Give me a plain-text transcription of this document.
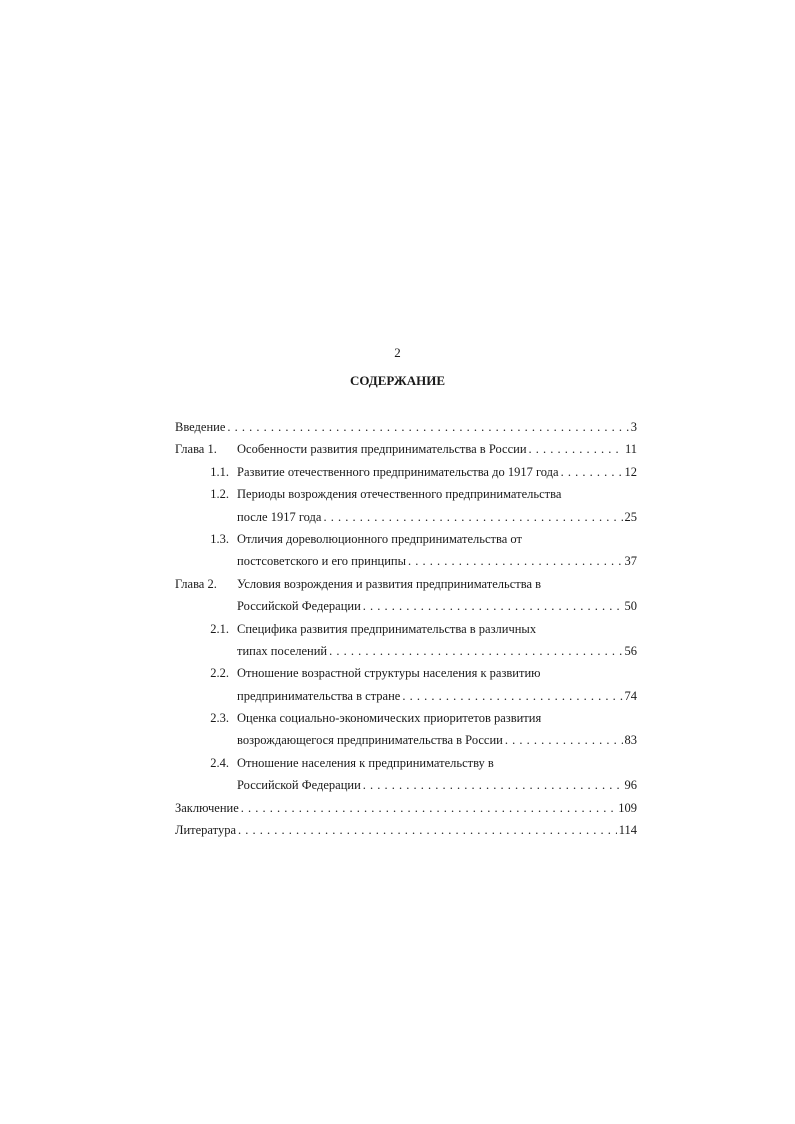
2
СОДЕРЖАНИЕ
Введение . . .	3
Глава 1.	Особенности развития предпринимательства в России . . .	11
1.1. Развитие отечественного предпринимательства до 1917 года . . .	12
1.2. Периоды возрождения отечественного предпринимательства
после 1917 года . . .	25
1.3. Отличия дореволюционного предпринимательства от
постсоветского и его принципы . . .	37
Глава 2.	Условия возрождения и развития предпринимательства в
Российской Федерации . . .	50
2.1. Специфика развития предпринимательства в различных
типах поселений . . .	56
2.2. Отношение возрастной структуры населения к развитию
предпринимательства в стране . . .	74
2.3. Оценка социально-экономических приоритетов развития
возрождающегося предпринимательства в России . . .	83
2.4. Отношение населения к предпринимательству в
Российской Федерации . . .	96
Заключение . . .	109
Литература . . .	114
